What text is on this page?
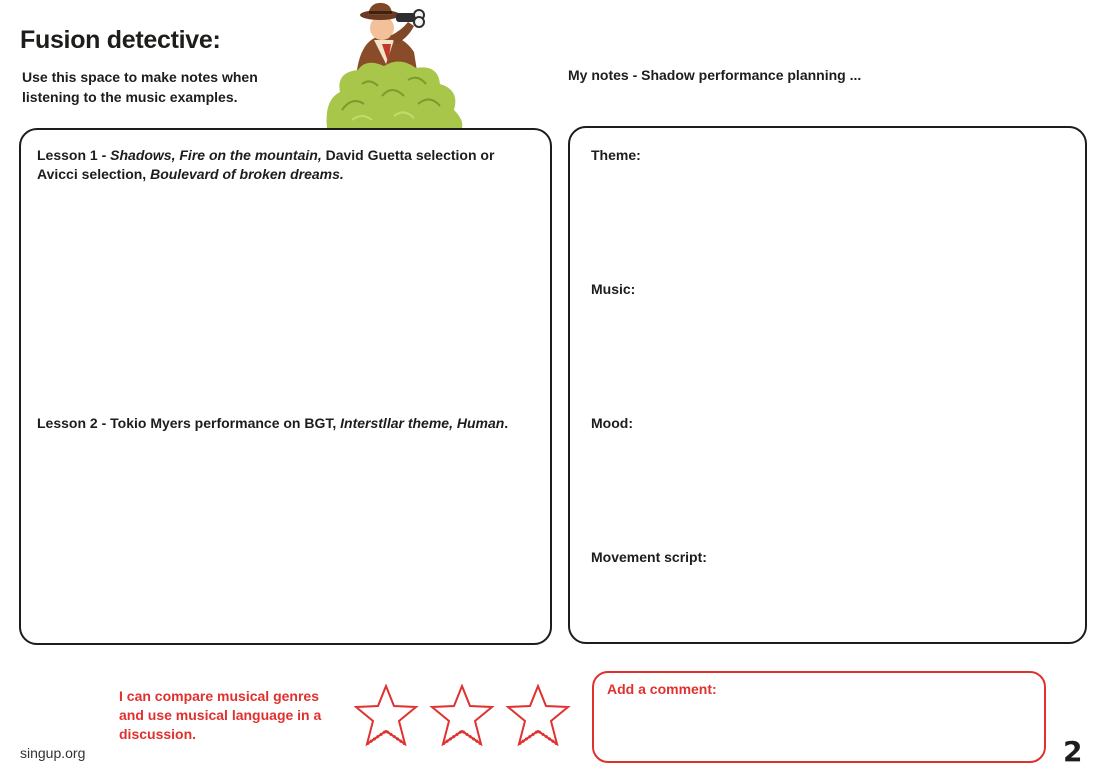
Fusion detective:
Use this space to make notes when listening to the music examples.
My notes - Shadow performance planning ...
Lesson 1 - Shadows, Fire on the mountain, David Guetta selection or Avicci selection, Boulevard of broken dreams.
Lesson 2 - Tokio Myers performance on BGT, Interstllar theme, Human.
Theme:
Music:
Mood:
Movement script:
I can compare musical genres and use musical language in a discussion.
Add a comment:
singup.org	2
